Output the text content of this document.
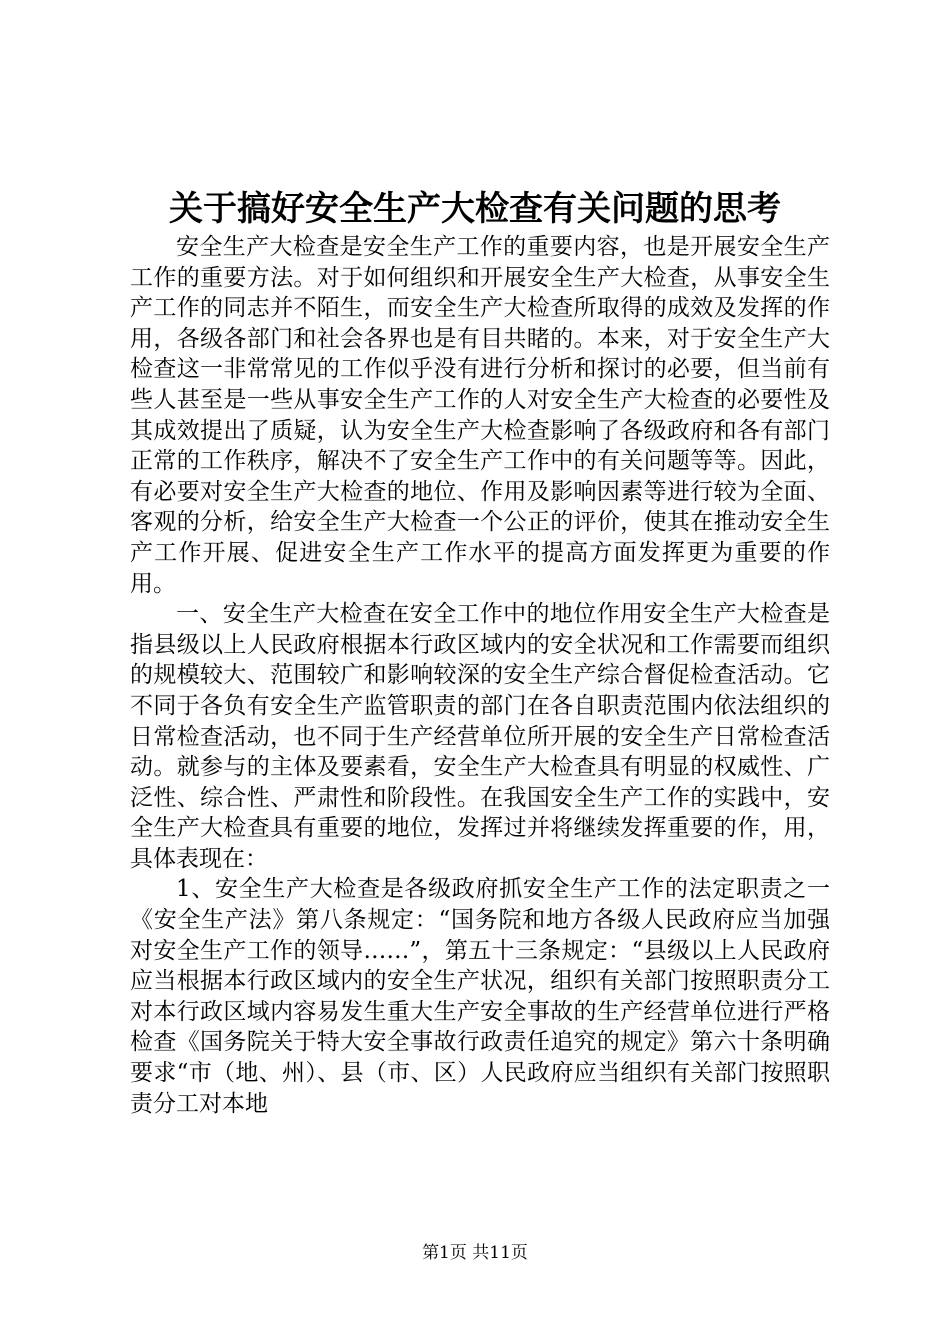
关于搞好安全生产大检查有关问题的思考

安全生产大检查是安全生产工作的重要内容，也是开展安全生产工作的重要方法。对于如何组织和开展安全生产大检查，从事安全生产工作的同志并不陌生，而安全生产大检查所取得的成效及发挥的作用，各级各部门和社会各界也是有目共睹的。本来，对于安全生产大检查这一非常常见的工作似乎没有进行分析和探讨的必要，但当前有些人甚至是一些从事安全生产工作的人对安全生产大检查的必要性及其成效提出了质疑，认为安全生产大检查影响了各级政府和各有部门正常的工作秩序，解决不了安全生产工作中的有关问题等等。因此，有必要对安全生产大检查的地位、作用及影响因素等进行较为全面、客观的分析，给安全生产大检查一个公正的评价，使其在推动安全生产工作开展、促进安全生产工作水平的提高方面发挥更为重要的作用。

一、安全生产大检查在安全工作中的地位作用安全生产大检查是指县级以上人民政府根据本行政区域内的安全状况和工作需要而组织的规模较大、范围较广和影响较深的安全生产综合督促检查活动。它不同于各负有安全生产监管职责的部门在各自职责范围内依法组织的日常检查活动，也不同于生产经营单位所开展的安全生产日常检查活动。就参与的主体及要素看，安全生产大检查具有明显的权威性、广泛性、综合性、严肃性和阶段性。在我国安全生产工作的实践中，安全生产大检查具有重要的地位，发挥过并将继续发挥重要的作，用，具体表现在：

1、安全生产大检查是各级政府抓安全生产工作的法定职责之一《安全生产法》第八条规定：“国务院和地方各级人民政府应当加强对安全生产工作的领导……”，第五十三条规定：“县级以上人民政府应当根据本行政区域内的安全生产状况，组织有关部门按照职责分工对本行政区域内容易发生重大生产安全事故的生产经营单位进行严格检查《国务院关于特大安全事故行政责任追究的规定》第六十条明确要求“市（地、州）、县（市、区）人民政府应当组织有关部门按照职责分工对本地

第1页 共11页
